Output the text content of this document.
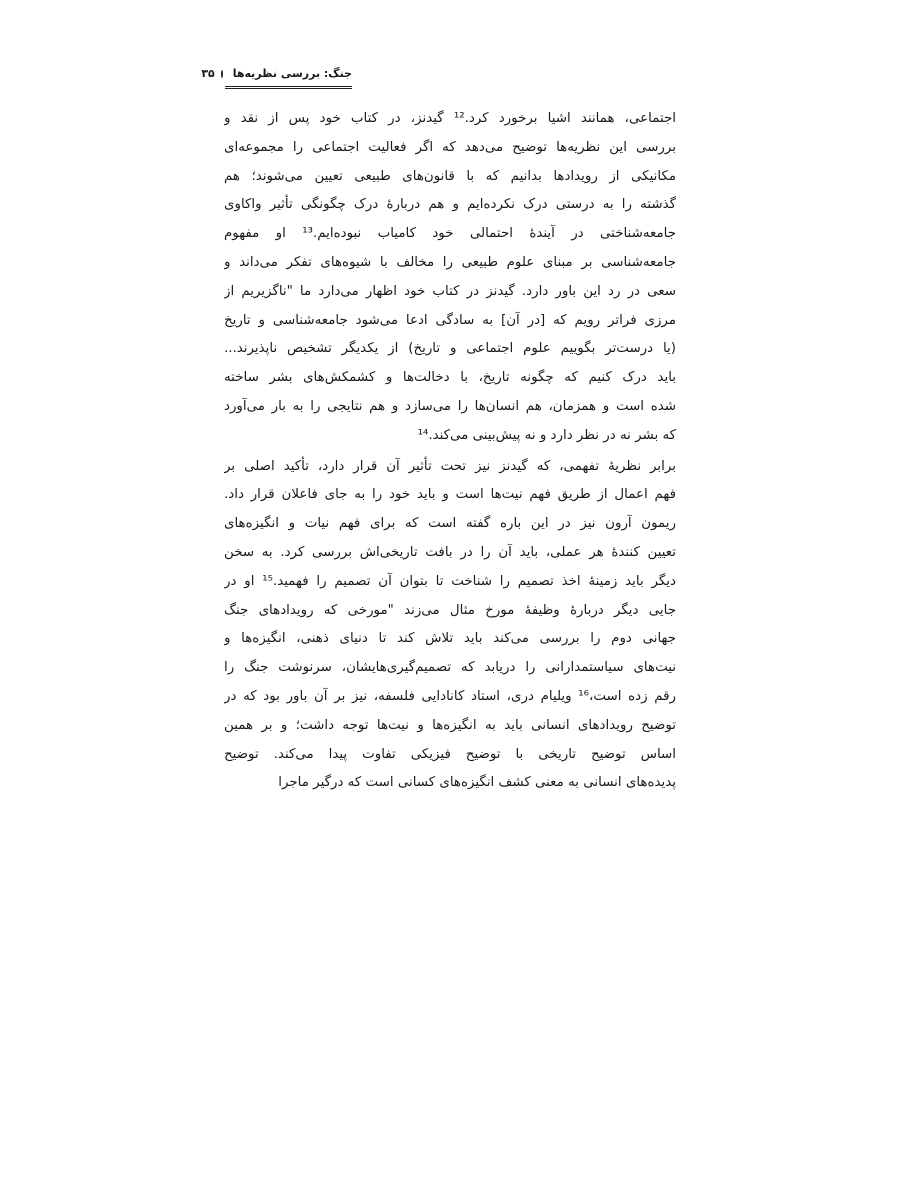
جنگ: بررسی نظریه‌ها
۳۵
اجتماعی، همانند اشیا برخورد کرد.¹² گیدنز، در کتاب خود پس از نقد و
بررسی این نظریه‌ها توضیح می‌دهد که اگر فعالیت اجتماعی را مجموعه‌ای
مکانیکی از رویدادها بدانیم که با قانون‌های طبیعی تعیین می‌شوند؛ هم
گذشته را به درستی درک نکرده‌ایم و هم دربارهٔ درک چگونگی تأثیر واکاوی
جامعه‌شناختی در آیندهٔ احتمالی خود کامیاب نبوده‌ایم.¹³ او مفهوم
جامعه‌شناسی بر مبنای علوم طبیعی را مخالف با شیوه‌های تفکر می‌داند و
سعی در رد این باور دارد. گیدنز در کتاب خود اظهار می‌دارد ما "ناگزیریم از
مرزی فراتر رویم که [در آن] به سادگی ادعا می‌شود جامعه‌شناسی و تاریخ
(یا درست‌تر بگوییم علوم اجتماعی و تاریخ) از یکدیگر تشخیص ناپذیرند...
باید درک کنیم که چگونه تاریخ، با دخالت‌ها و کشمکش‌های بشر ساخته
شده است و همزمان، هم انسان‌ها را می‌سازد و هم نتایجی را به بار می‌آورد
که بشر نه در نظر دارد و نه پیش‌بینی می‌کند.¹⁴
برابر نظریهٔ تفهمی، که گیدنز نیز تحت تأثیر آن قرار دارد، تأکید اصلی بر
فهم اعمال از طریق فهم نیت‌ها است و باید خود را به جای فاعلان قرار داد.
ریمون آرون نیز در این باره گفته است که برای فهم نیات و انگیزه‌های
تعیین کنندهٔ هر عملی، باید آن را در بافت تاریخی‌اش بررسی کرد. به سخن
دیگر باید زمینهٔ اخذ تصمیم را شناخت تا بتوان آن تصمیم را فهمید.¹⁵ او در
جایی دیگر دربارهٔ وظیفهٔ مورخ مثال می‌زند "مورخی که رویدادهای جنگ
جهانی دوم را بررسی می‌کند باید تلاش کند تا دنیای ذهنی، انگیزه‌ها و
نیت‌های سیاستمدارانی را دریابد که تصمیم‌گیری‌هایشان، سرنوشت جنگ را
رقم زده است،¹⁶ ویلیام دری، استاد کانادایی فلسفه، نیز بر آن باور بود که در
توضیح رویدادهای انسانی باید به انگیزه‌ها و نیت‌ها توجه داشت؛ و بر همین
اساس توضیح تاریخی با توضیح فیزیکی تفاوت پیدا می‌کند. توضیح
پدیده‌های انسانی به معنی کشف انگیزه‌های کسانی است که درگیر ماجرا
